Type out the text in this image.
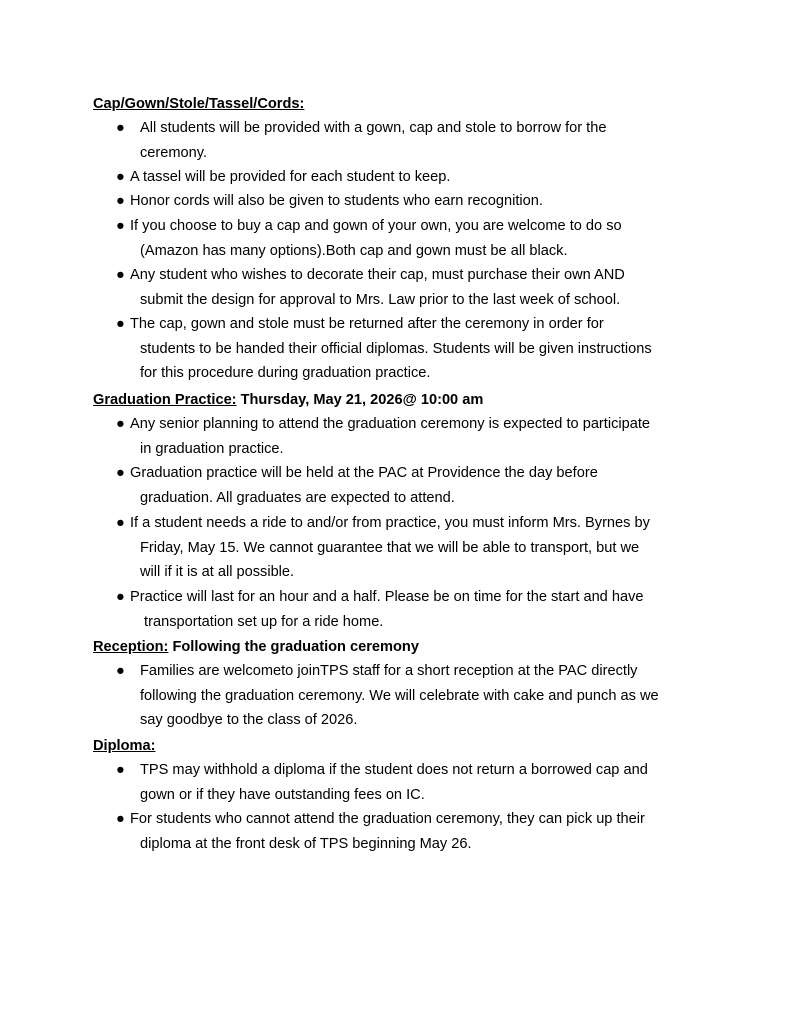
Cap/Gown/Stole/Tassel/Cords:
●	All students will be provided with a gown, cap and stole to borrow for the
ceremony.
● A tassel will be provided for each student to keep.
● Honor cords will also be given to students who earn recognition.
● If you choose to buy a cap and gown of your own, you are welcome to do so
(Amazon has many options).Both cap and gown must be all black.
● Any student who wishes to decorate their cap, must purchase their own AND
submit the design for approval to Mrs. Law prior to the last week of school.
● The cap, gown and stole must be returned after the ceremony in order for
students to be handed their official diplomas. Students will be given instructions
for this procedure during graduation practice.
Graduation Practice: Thursday, May 21, 2026@ 10:00 am
● Any senior planning to attend the graduation ceremony is expected to participate
in graduation practice.
● Graduation practice will be held at the PAC at Providence the day before
graduation. All graduates are expected to attend.
● If a student needs a ride to and/or from practice, you must inform Mrs. Byrnes by
Friday, May 15. We cannot guarantee that we will be able to transport, but we
will if it is at all possible.
● Practice will last for an hour and a half. Please be on time for the start and have
transportation set up for a ride home.
Reception: Following the graduation ceremony
●	Families are welcometo joinTPS staff for a short reception at the PAC directly
following the graduation ceremony. We will celebrate with cake and punch as we
say goodbye to the class of 2026.
Diploma:
●	TPS may withhold a diploma if the student does not return a borrowed cap and
gown or if they have outstanding fees on IC.
● For students who cannot attend the graduation ceremony, they can pick up their
diploma at the front desk of TPS beginning May 26.
